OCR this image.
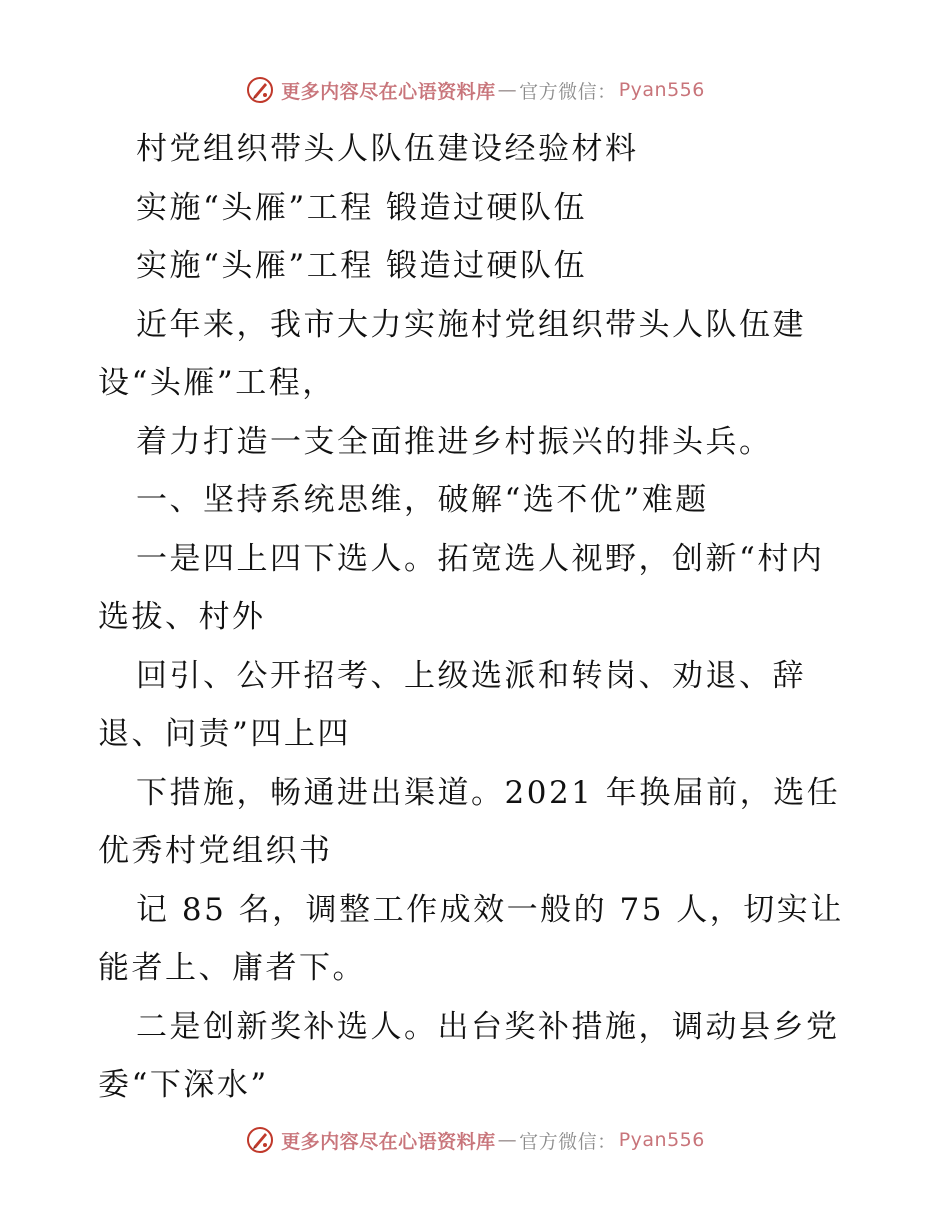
更多内容尽在心语资料库 — 官方微信： Pyan556

村党组织带头人队伍建设经验材料

实施“头雁”工程 锻造过硬队伍

实施“头雁”工程 锻造过硬队伍

近年来，我市大力实施村党组织带头人队伍建

设“头雁”工程，

着力打造一支全面推进乡村振兴的排头兵。

一、坚持系统思维，破解“选不优”难题

一是四上四下选人。拓宽选人视野，创新“村内

选拔、村外

回引、公开招考、上级选派和转岗、劝退、辞

退、问责”四上四

下措施，畅通进出渠道。2021 年换届前，选任

优秀村党组织书

记 85 名，调整工作成效一般的 75 人，切实让

能者上、庸者下。

二是创新奖补选人。出台奖补措施，调动县乡党

委“下深水”

更多内容尽在心语资料库 — 官方微信： Pyan556
